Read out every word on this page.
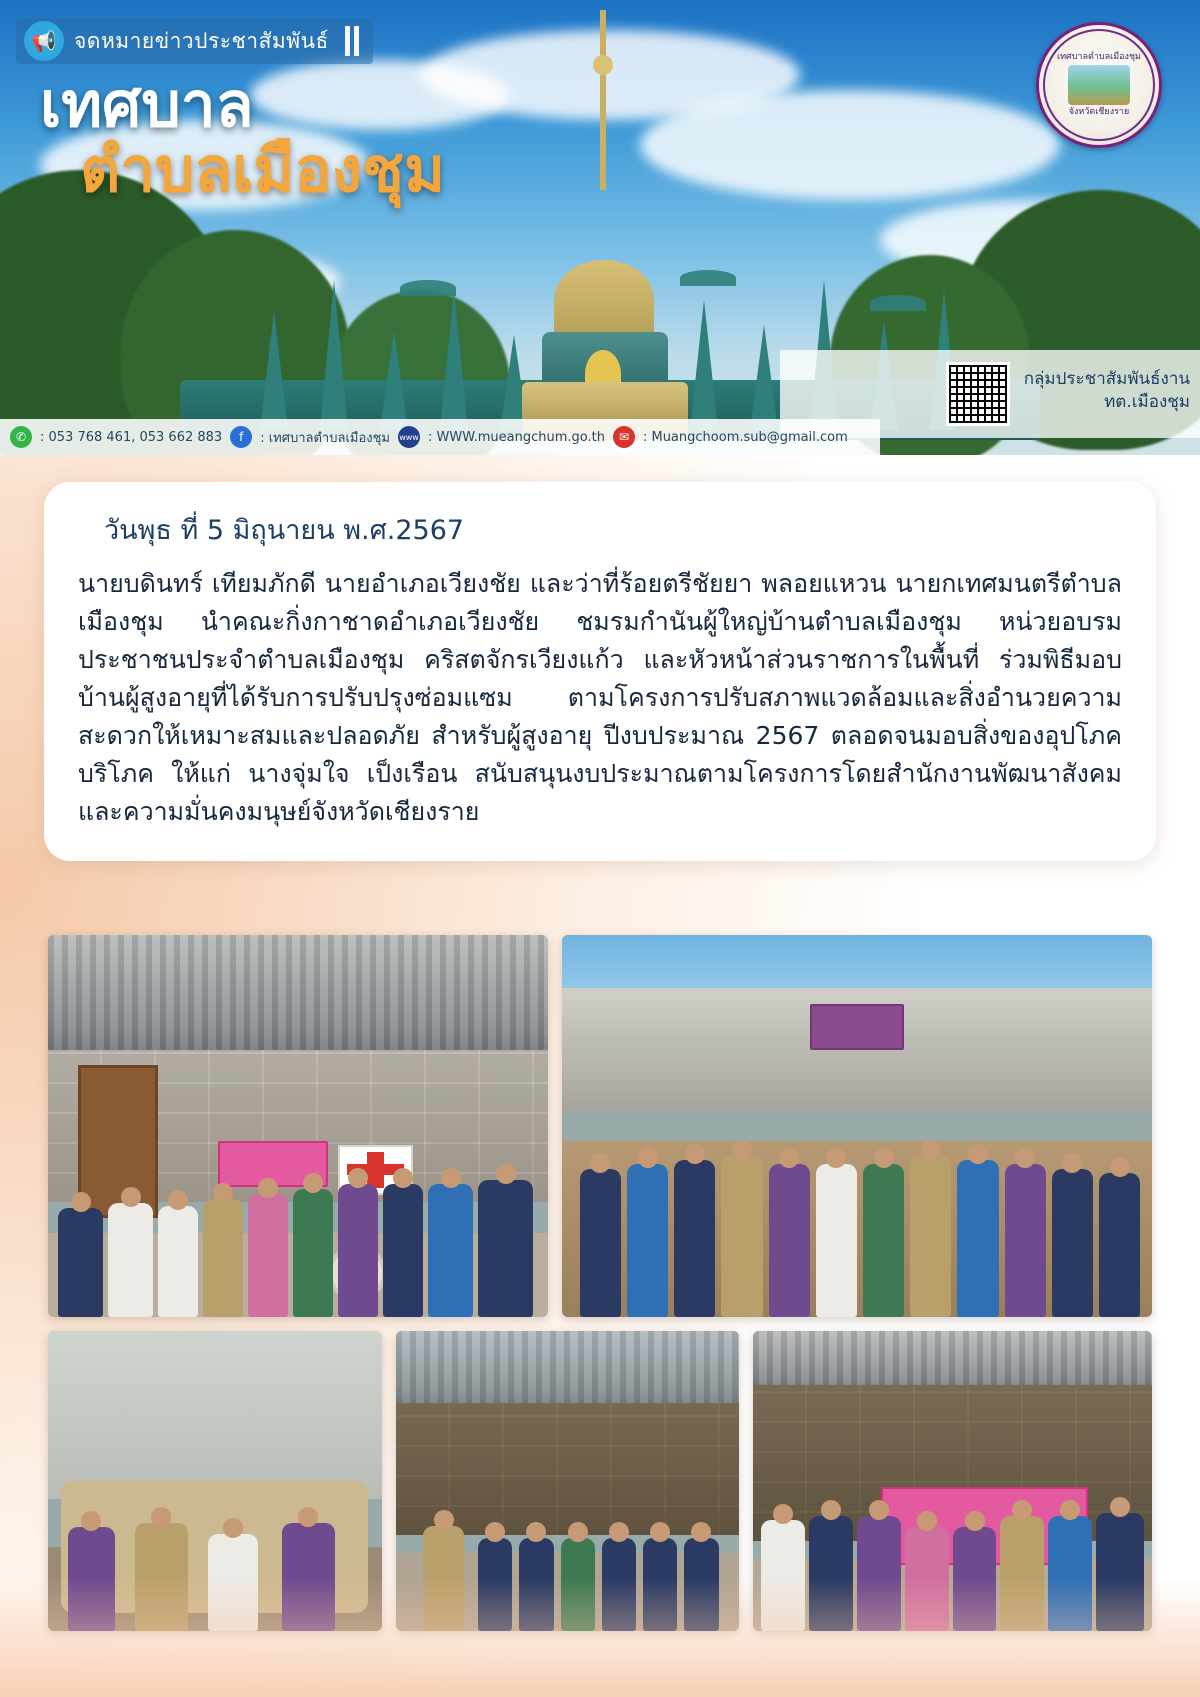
📢 จดหมายข่าวประชาสัมพันธ์
เทศบาล
ตำบลเมืองชุม
เทศบาลตำบลเมืองชุม
จังหวัดเชียงราย
กลุ่มประชาสัมพันธ์งาน
ทต.เมืองชุม
✆	: 053 768 461, 053 662 883	f	: เทศบาลตำบลเมืองชุม www : WWW.mueangchum.go.th	✉	: Muangchoom.sub@gmail.com
วันพุธ ที่ 5 มิถุนายน พ.ศ.2567

นายบดินทร์ เทียมภักดี นายอำเภอเวียงชัย และว่าที่ร้อยตรีชัยยา พลอยแหวน นายกเทศมนตรีตำบลเมืองชุม นำคณะกิ่งกาชาดอำเภอเวียงชัย ชมรมกำนันผู้ใหญ่บ้านตำบลเมืองชุม หน่วยอบรมประชาชนประจำตำบลเมืองชุม คริสตจักรเวียงแก้ว และหัวหน้าส่วนราชการในพื้นที่ ร่วมพิธีมอบบ้านผู้สูงอายุที่ได้รับการปรับปรุงซ่อมแซม ตามโครงการปรับสภาพแวดล้อมและสิ่งอำนวยความสะดวกให้เหมาะสมและปลอดภัย สำหรับผู้สูงอายุ ปีงบประมาณ 2567 ตลอดจนมอบสิ่งของอุปโภคบริโภค ให้แก่ นางจุ่มใจ เป็งเรือน สนับสนุนงบประมาณตามโครงการโดยสำนักงานพัฒนาสังคมและความมั่นคงมนุษย์จังหวัดเชียงราย
